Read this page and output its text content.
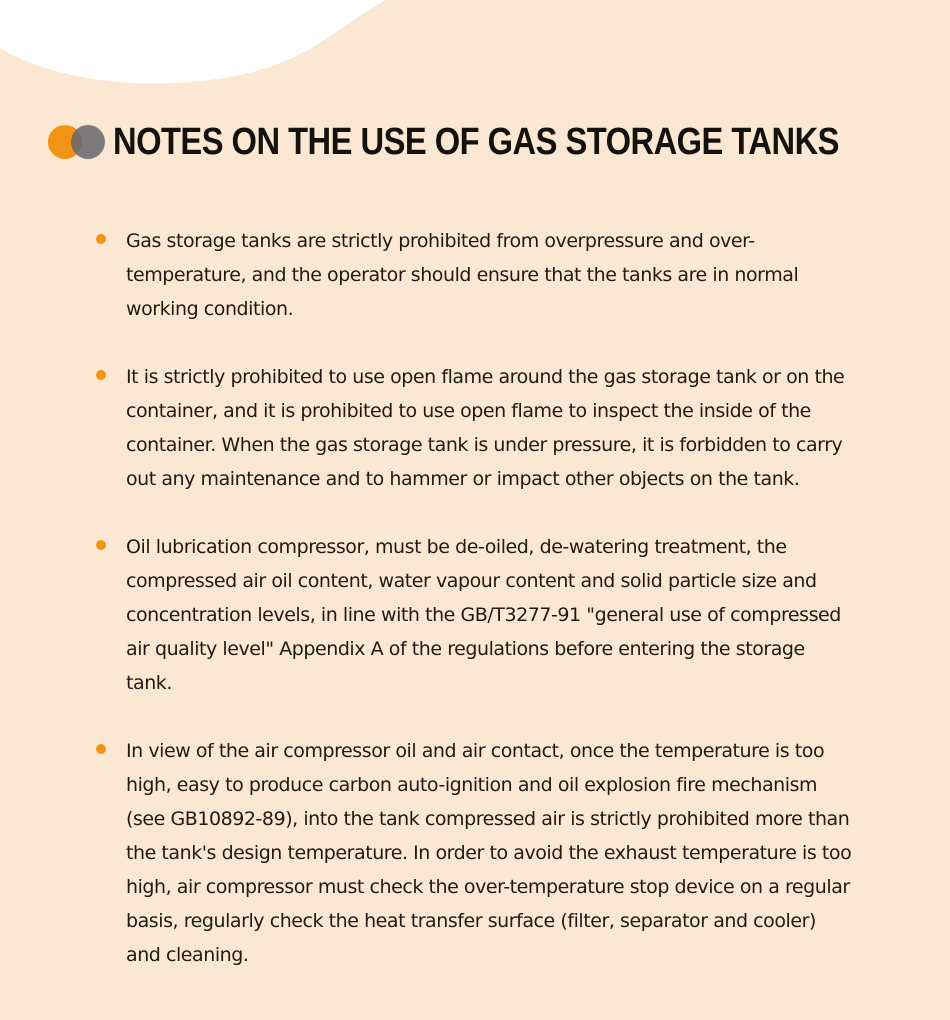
NOTES ON THE USE OF GAS STORAGE TANKS
Gas storage tanks are strictly prohibited from overpressure and over-temperature, and the operator should ensure that the tanks are in normal working condition.
It is strictly prohibited to use open flame around the gas storage tank or on the container, and it is prohibited to use open flame to inspect the inside of the container. When the gas storage tank is under pressure, it is forbidden to carry out any maintenance and to hammer or impact other objects on the tank.
Oil lubrication compressor, must be de-oiled, de-watering treatment, the compressed air oil content, water vapour content and solid particle size and concentration levels, in line with the GB/T3277-91 "general use of compressed air quality level" Appendix A of the regulations before entering the storage tank.
In view of the air compressor oil and air contact, once the temperature is too high, easy to produce carbon auto-ignition and oil explosion fire mechanism (see GB10892-89), into the tank compressed air is strictly prohibited more than the tank's design temperature. In order to avoid the exhaust temperature is too high, air compressor must check the over-temperature stop device on a regular basis, regularly check the heat transfer surface (filter, separator and cooler) and cleaning.
